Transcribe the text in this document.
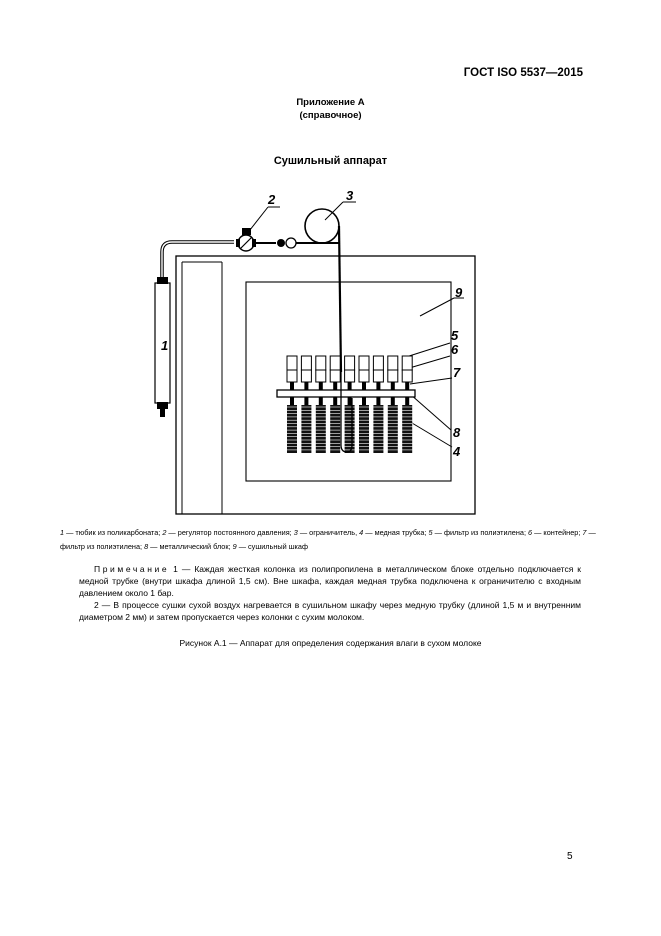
ГОСТ ISO 5537—2015
Приложение А
(справочное)
Сушильный аппарат
2	3
1
9
5
6
7
8
4
1 — тюбик из поликарбоната; 2 — регулятор постоянного давления; 3 — ограничитель, 4 — медная трубка; 5 — фильтр из полиэтилена; 6 — контейнер; 7 — фильтр из полиэтилена; 8 — металлический блок; 9 — сушильный шкаф

Примечание 1 — Каждая жесткая колонка из полипропилена в металлическом блоке отдельно подключается к медной трубке (внутри шкафа длиной 1,5 см). Вне шкафа, каждая медная трубка подключена к ограничителю с входным давлением около 1 бар.

2 — В процессе сушки сухой воздух нагревается в сушильном шкафу через медную трубку (длиной 1,5 м и внутренним диаметром 2 мм) и затем пропускается через колонки с сухим молоком.

Рисунок А.1 — Аппарат для определения содержания влаги в сухом молоке
5
